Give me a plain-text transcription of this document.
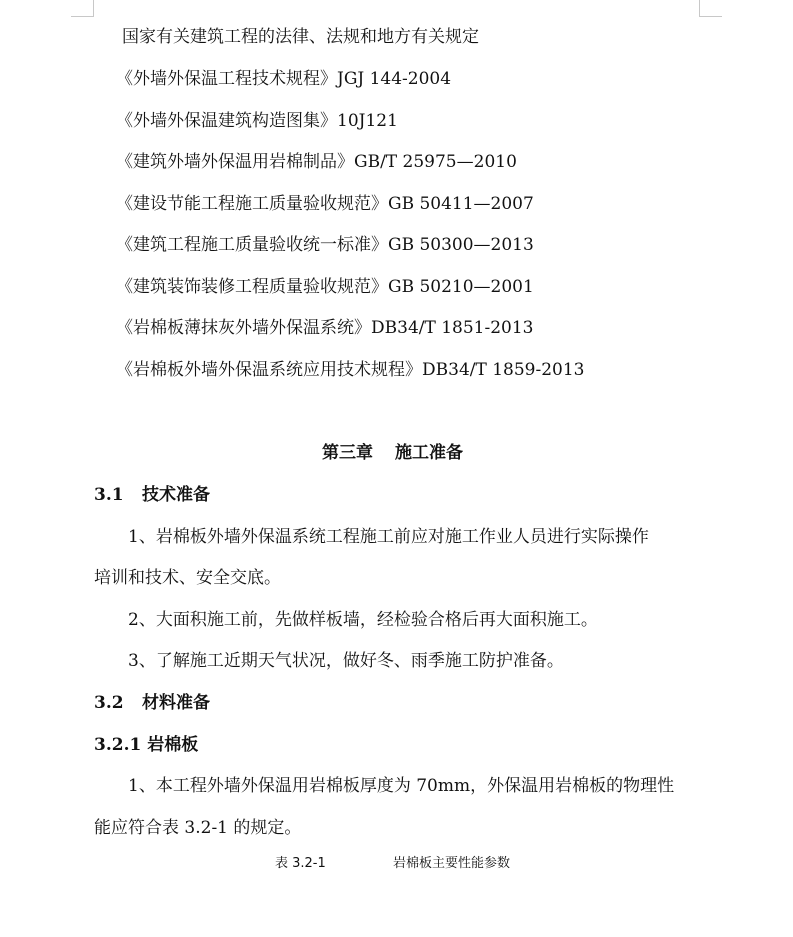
国家有关建筑工程的法律、法规和地方有关规定
《外墙外保温工程技术规程》JGJ 144-2004
《外墙外保温建筑构造图集》10J121
《建筑外墙外保温用岩棉制品》GB/T 25975—2010
《建设节能工程施工质量验收规范》GB 50411—2007
《建筑工程施工质量验收统一标准》GB 50300—2013
《建筑装饰装修工程质量验收规范》GB 50210—2001
《岩棉板薄抹灰外墙外保温系统》DB34/T 1851-2013
《岩棉板外墙外保温系统应用技术规程》DB34/T 1859-2013
第三章 施工准备
3.1 技术准备
1、岩棉板外墙外保温系统工程施工前应对施工作业人员进行实际操作
培训和技术、安全交底。
2、大面积施工前，先做样板墙，经检验合格后再大面积施工。
3、了解施工近期天气状况，做好冬、雨季施工防护准备。
3.2 材料准备
3.2.1 岩棉板
1、本工程外墙外保温用岩棉板厚度为 70mm，外保温用岩棉板的物理性
能应符合表 3.2-1 的规定。
表 3.2-1	岩棉板主要性能参数
